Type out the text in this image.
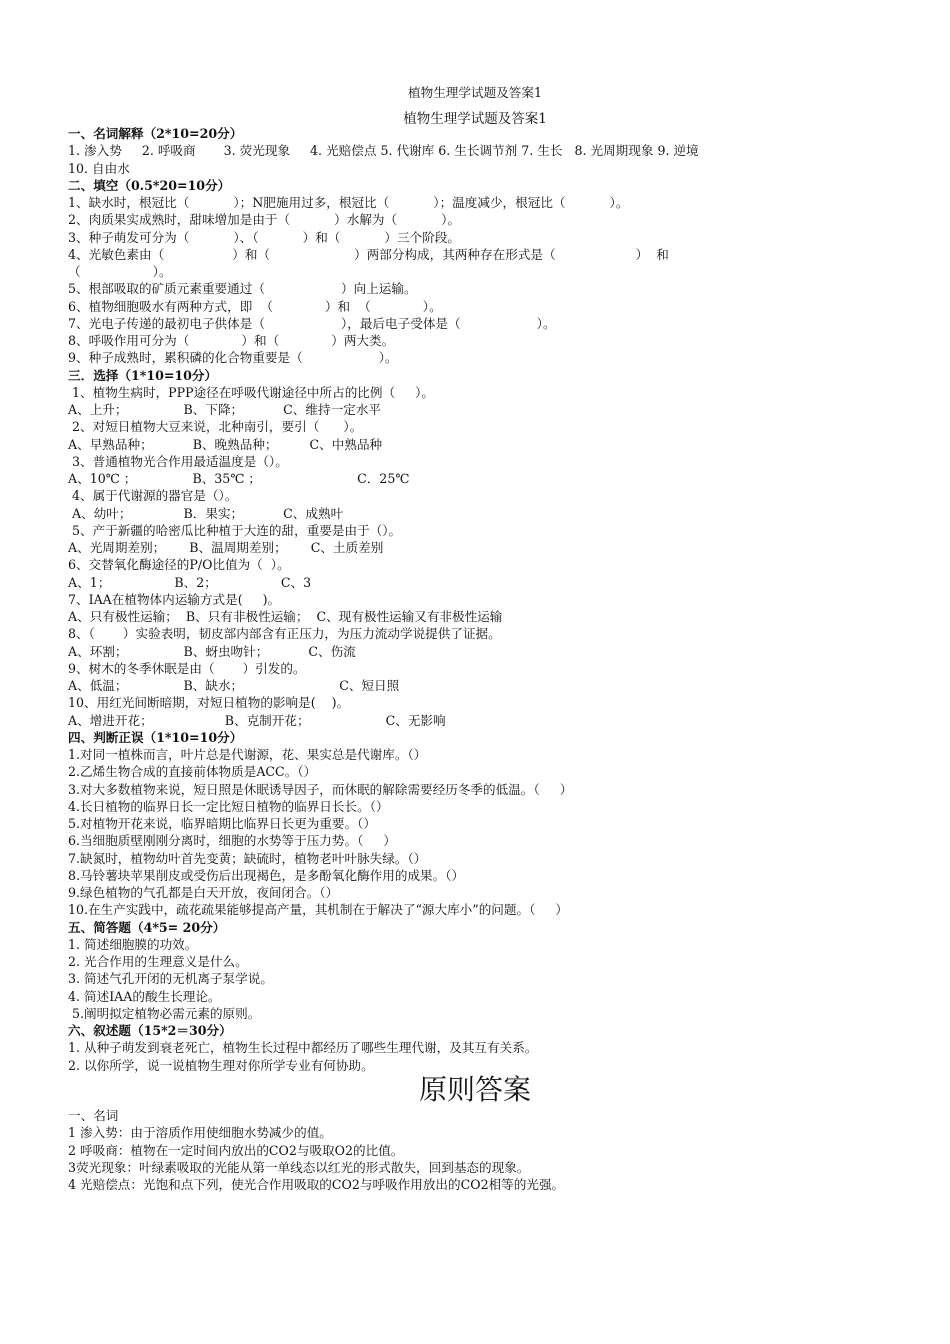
植物生理学试题及答案1
植物生理学试题及答案1
一、名词解释（2*10=20分）
1. 渗入势     2. 呼吸商       3. 荧光现象     4. 光赔偿点 5. 代谢库 6. 生长调节剂 7. 生长   8. 光周期现象 9. 逆境
10. 自由水
二、填空（0.5*20=10分）
1、缺水时，根冠比（           ）；N肥施用过多，根冠比（           ）；温度减少，根冠比（           ）。
2、肉质果实成熟时，甜味增加是由于（           ）水解为（           ）。
3、种子萌发可分为（           ）、（           ）和（           ）三个阶段。
4、光敏色素由（                 ）和（                     ）两部分构成，其两种存在形式是（                    ）  和
（                  ）。
5、根部吸取的矿质元素重要通过（                   ）向上运输。
6、植物细胞吸水有两种方式，即  （             ）和  （             ）。
7、光电子传递的最初电子供体是（                   ），最后电子受体是（                   ）。
8、呼吸作用可分为（             ）和（             ）两大类。
9、种子成熟时，累积磷的化合物重要是（                   ）。
三．选择（1*10=10分）
1、植物生病时，PPP途径在呼吸代谢途径中所占的比例（     ）。
A、上升；              B、下降；          C、维持一定水平
2、对短日植物大豆来说，北种南引，要引（      ）。
A、早熟品种；          B、晚熟品种；        C、中熟品种
3、普通植物光合作用最适温度是（）。
A、10℃ ；              B、35℃ ；                        C．25℃
4、属于代谢源的器官是（）。
A、幼叶；             B．果实；          C、成熟叶
5、产于新疆的哈密瓜比种植于大连的甜，重要是由于（）。
A、光周期差别；      B、温周期差别；      C、土质差别
6、交替氧化酶途径的P/O比值为（  ）。
A、1；                B、2；                C、3
7、IAA在植物体内运输方式是(     )。
A、只有极性运输；  B、只有非极性运输；  C、现有极性运输又有非极性运输
8、（       ）实验表明，韧皮部内部含有正压力，为压力流动学说提供了证据。
A、环割；              B、蚜虫吻针；          C、伤流
9、树木的冬季休眠是由（       ）引发的。
A、低温；              B、缺水；                        C、短日照
10、用红光间断暗期，对短日植物的影响是(    )。
A、增进开花；                  B、克制开花；                   C、无影响
四、判断正误（1*10=10分）
1.对同一植株而言，叶片总是代谢源，花、果实总是代谢库。（）
2.乙烯生物合成的直接前体物质是ACC。（）
3.对大多数植物来说，短日照是休眠诱导因子，而休眠的解除需要经历冬季的低温。（     ）
4.长日植物的临界日长一定比短日植物的临界日长长。（）
5.对植物开花来说，临界暗期比临界日长更为重要。（）
6.当细胞质壁刚刚分离时，细胞的水势等于压力势。（     ）
7.缺氮时，植物幼叶首先变黄；缺硫时，植物老叶叶脉失绿。（）
8.马铃薯块苹果削皮或受伤后出现褐色，是多酚氧化酶作用的成果。（）
9.绿色植物的气孔都是白天开放，夜间闭合。（）
10.在生产实践中，疏花疏果能够提高产量，其机制在于解决了“源大库小”的问题。（     ）
五、简答题（4*5= 20分）
1. 简述细胞膜的功效。
2. 光合作用的生理意义是什么。
3. 简述气孔开闭的无机离子泵学说。
4. 简述IAA的酸生长理论。
5.阐明拟定植物必需元素的原则。
六、叙述题（15*2＝30分）
1. 从种子萌发到衰老死亡，植物生长过程中都经历了哪些生理代谢，及其互有关系。
2. 以你所学，说一说植物生理对你所学专业有何协助。
原则答案
一、名词
1 渗入势：由于溶质作用使细胞水势减少的值。
2 呼吸商：植物在一定时间内放出的CO2与吸取O2的比值。
3荧光现象：叶绿素吸取的光能从第一单线态以红光的形式散失，回到基态的现象。
4 光赔偿点：光饱和点下列，使光合作用吸取的CO2与呼吸作用放出的CO2相等的光强。
